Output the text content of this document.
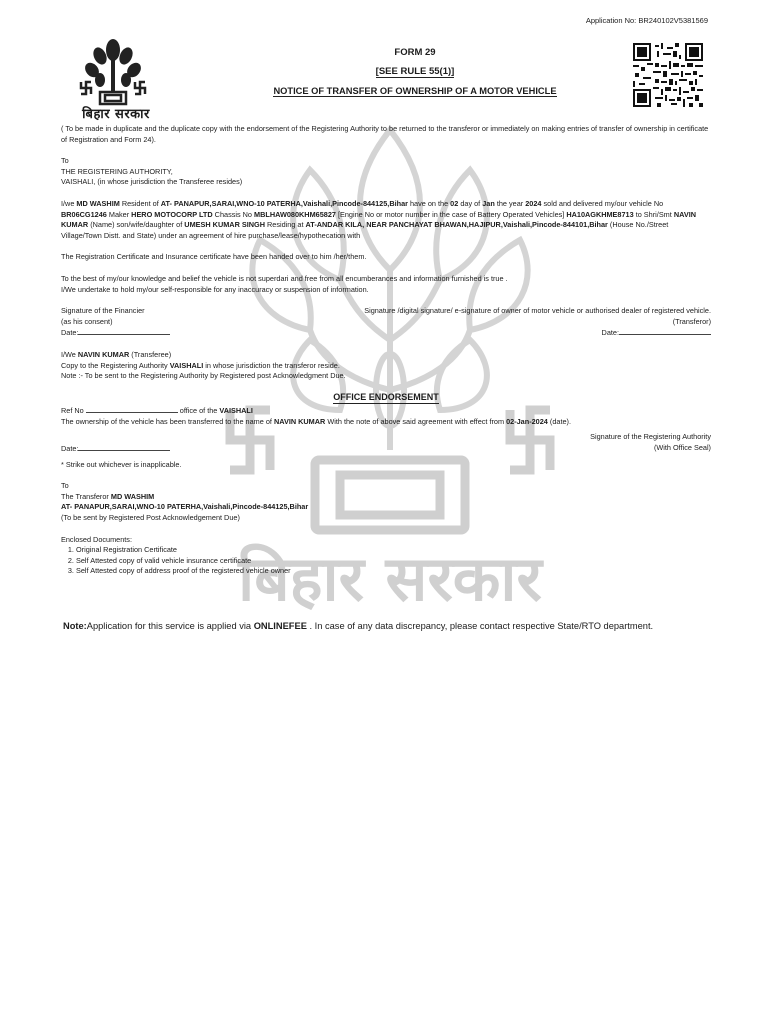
बिहार सरकार
Application No: BR240102V5381569
बिहार सरकार
FORM 29
[SEE RULE 55(1)]
NOTICE OF TRANSFER OF OWNERSHIP OF A MOTOR VEHICLE

( To be made in duplicate and the duplicate copy with the endorsement of the Registering Authority to be returned to the transferor or immediately on making entries of transfer of ownership in certificate of Registration and Form 24).

To

THE REGISTERING AUTHORITY,

VAISHALI, (in whose jurisdiction the Transferee resides)

I/we MD WASHIM Resident of AT- PANAPUR,SARAI,WNO-10 PATERHA,Vaishali,Pincode-844125,Bihar have on the 02 day of Jan the year 2024 sold and delivered my/our vehicle No BR06CG1246 Maker HERO MOTOCORP LTD Chassis No MBLHAW080KHM65827 [Engine No or motor number in the case of Battery Operated Vehicles] HA10AGKHME8713 to Shri/Smt NAVIN KUMAR (Name) son/wife/daughter of UMESH KUMAR SINGH Residing at AT-ANDAR KILA, NEAR PANCHAYAT BHAWAN,HAJIPUR,Vaishali,Pincode-844101,Bihar (House No./Street Village/Town Distt. and State) under an agreement of hire purchase/lease/hypothecation with

The Registration Certificate and Insurance certificate have been handed over to him /her/them.

To the best of my/our knowledge and belief the vehicle is not superdari and free from all encumberances and information furnished is true .

I/We undertake to hold my/our self-responsible for any inaccuracy or suspension of information.

Signature of the Financier	Signature /digital signature/ e-signature of owner of motor vehicle or authorised dealer of registered vehicle.
(as his consent)	(Transferor)
Date:	Date:

I/We NAVIN KUMAR (Transferee)

Copy to the Registering Authority VAISHALI in whose jurisdiction the transferor reside.

Note :- To be sent to the Registering Authority by Registered post Acknowledgment Due.

OFFICE ENDORSEMENT

Ref No	office of the VAISHALI

The ownership of the vehicle has been transferred to the name of NAVIN KUMAR With the note of above said agreement with effect from 02-Jan-2024 (date).

Signature of the Registering Authority
Date:	(With Office Seal)

* Strike out whichever is inapplicable.

To

The Transferor MD WASHIM

AT- PANAPUR,SARAI,WNO-10 PATERHA,Vaishali,Pincode-844125,Bihar

(To be sent by Registered Post Acknowledgement Due)

Enclosed Documents:

1. Original Registration Certificate
2. Self Attested copy of valid vehicle insurance certificate
3. Self Attested copy of address proof of the registered vehicle owner
Note:Application for this service is applied via ONLINEFEE . In case of any data discrepancy, please contact respective State/RTO department.
